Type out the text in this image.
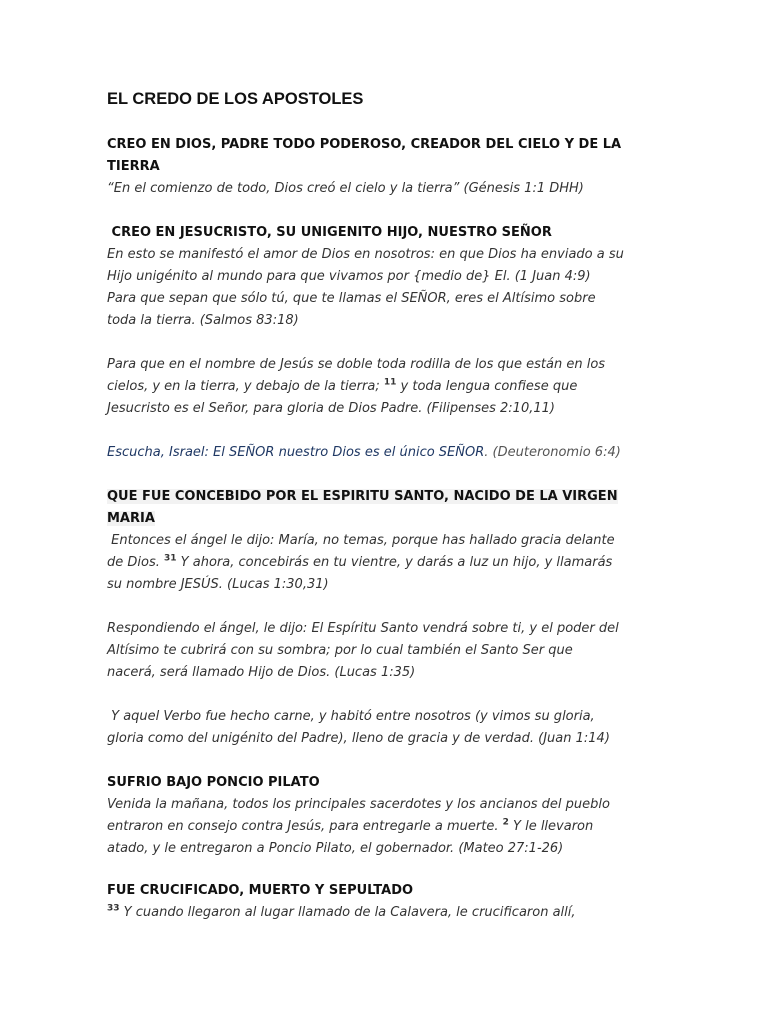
EL CREDO DE LOS APOSTOLES
CREO EN DIOS, PADRE TODO PODEROSO, CREADOR DEL CIELO Y DE LA
TIERRA
“En el comienzo de todo, Dios creó el cielo y la tierra” (Génesis 1:1 DHH)
CREO EN JESUCRISTO, SU UNIGENITO HIJO, NUESTRO SEÑOR
En esto se manifestó el amor de Dios en nosotros: en que Dios ha enviado a su
Hijo unigénito al mundo para que vivamos por {medio de} El. (1 Juan 4:9)
Para que sepan que sólo tú, que te llamas el SEÑOR, eres el Altísimo sobre
toda la tierra. (Salmos 83:18)
Para que en el nombre de Jesús se doble toda rodilla de los que están en los
cielos, y en la tierra, y debajo de la tierra; $^{11}$ y toda lengua confiese que
Jesucristo es el Señor, para gloria de Dios Padre. (Filipenses 2:10,11)
Escucha, Israel: El SEÑOR nuestro Dios es el único SEÑOR. (Deuteronomio 6:4)
QUE FUE CONCEBIDO POR EL ESPIRITU SANTO, NACIDO DE LA VIRGEN
MARIA
Entonces el ángel le dijo: María, no temas, porque has hallado gracia delante
de Dios. $^{31}$ Y ahora, concebirás en tu vientre, y darás a luz un hijo, y llamarás
su nombre JESÚS. (Lucas 1:30,31)
Respondiendo el ángel, le dijo: El Espíritu Santo vendrá sobre ti, y el poder del
Altísimo te cubrirá con su sombra; por lo cual también el Santo Ser que
nacerá, será llamado Hijo de Dios. (Lucas 1:35)
Y aquel Verbo fue hecho carne, y habitó entre nosotros (y vimos su gloria,
gloria como del unigénito del Padre), lleno de gracia y de verdad. (Juan 1:14)
SUFRIO BAJO PONCIO PILATO
Venida la mañana, todos los principales sacerdotes y los ancianos del pueblo
entraron en consejo contra Jesús, para entregarle a muerte. $^2$ Y le llevaron
atado, y le entregaron a Poncio Pilato, el gobernador. (Mateo 27:1-26)
FUE CRUCIFICADO, MUERTO Y SEPULTADO
$^{33}$ Y cuando llegaron al lugar llamado de la Calavera, le crucificaron allí,
